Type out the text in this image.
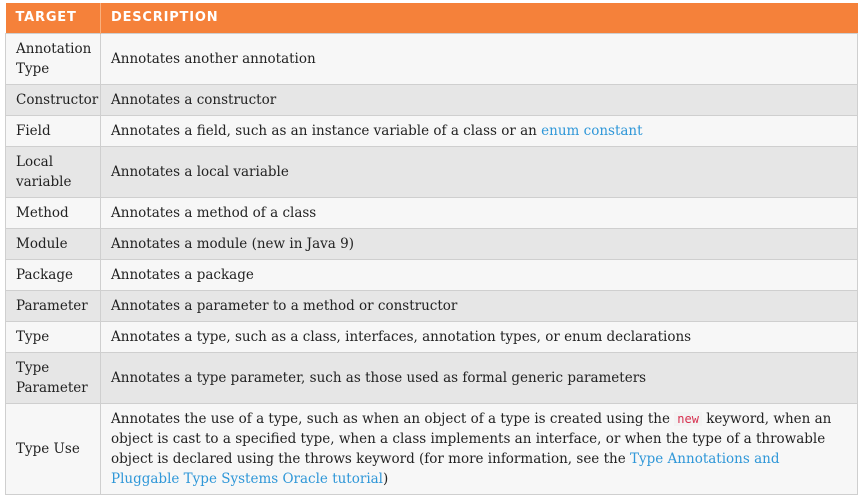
TARGET	DESCRIPTION
Annotation Type	Annotates another annotation
Constructor	Annotates a constructor
Field	Annotates a field, such as an instance variable of a class or an enum constant
Local variable	Annotates a local variable
Method	Annotates a method of a class
Module	Annotates a module (new in Java 9)
Package	Annotates a package
Parameter	Annotates a parameter to a method or constructor
Type	Annotates a type, such as a class, interfaces, annotation types, or enum declarations
Type Parameter	Annotates a type parameter, such as those used as formal generic parameters
Type Use	Annotates the use of a type, such as when an object of a type is created using the new keyword, when an object is cast to a specified type, when a class implements an interface, or when the type of a throwable object is declared using the throws keyword (for more information, see the Type Annotations and Pluggable Type Systems Oracle tutorial)
